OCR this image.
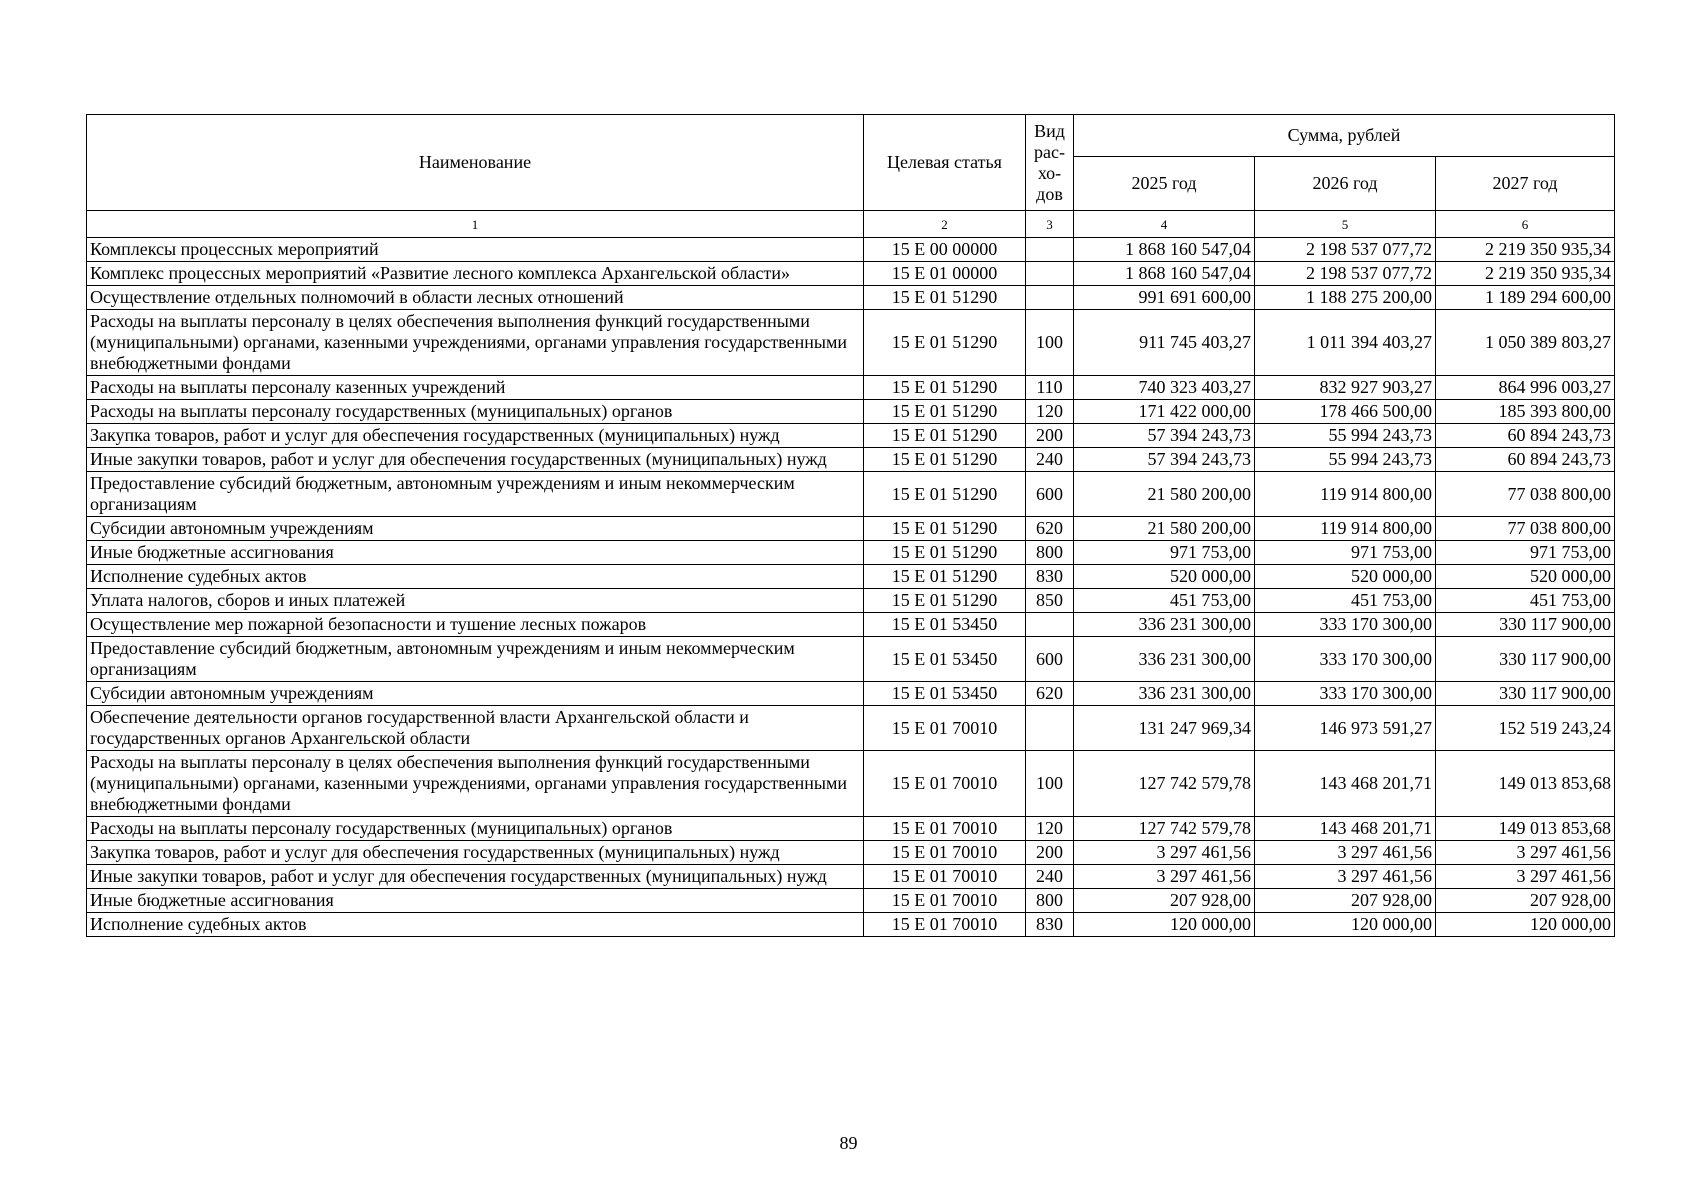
Наименование	Целевая статья	Вид
рас-
хо-
дов	Сумма, рублей		
			2025 год	2026 год	2027 год
1	2	3	4	5	6
Комплексы процессных мероприятий	15 Е 00 00000		1 868 160 547,04	2 198 537 077,72	2 219 350 935,34
Комплекс процессных мероприятий «Развитие лесного комплекса Архангельской области»	15 Е 01 00000		1 868 160 547,04	2 198 537 077,72	2 219 350 935,34
Осуществление отдельных полномочий в области лесных отношений	15 Е 01 51290		991 691 600,00	1 188 275 200,00	1 189 294 600,00
Расходы на выплаты персоналу в целях обеспечения выполнения функций государственными (муниципальными) органами, казенными учреждениями, органами управления государственными внебюджетными фондами	15 Е 01 51290	100	911 745 403,27	1 011 394 403,27	1 050 389 803,27
Расходы на выплаты персоналу казенных учреждений	15 Е 01 51290	110	740 323 403,27	832 927 903,27	864 996 003,27
Расходы на выплаты персоналу государственных (муниципальных) органов	15 Е 01 51290	120	171 422 000,00	178 466 500,00	185 393 800,00
Закупка товаров, работ и услуг для обеспечения государственных (муниципальных) нужд	15 Е 01 51290	200	57 394 243,73	55 994 243,73	60 894 243,73
Иные закупки товаров, работ и услуг для обеспечения государственных (муниципальных) нужд	15 Е 01 51290	240	57 394 243,73	55 994 243,73	60 894 243,73
Предоставление субсидий бюджетным, автономным учреждениям и иным некоммерческим организациям	15 Е 01 51290	600	21 580 200,00	119 914 800,00	77 038 800,00
Субсидии автономным учреждениям	15 Е 01 51290	620	21 580 200,00	119 914 800,00	77 038 800,00
Иные бюджетные ассигнования	15 Е 01 51290	800	971 753,00	971 753,00	971 753,00
Исполнение судебных актов	15 Е 01 51290	830	520 000,00	520 000,00	520 000,00
Уплата налогов, сборов и иных платежей	15 Е 01 51290	850	451 753,00	451 753,00	451 753,00
Осуществление мер пожарной безопасности и тушение лесных пожаров	15 Е 01 53450		336 231 300,00	333 170 300,00	330 117 900,00
Предоставление субсидий бюджетным, автономным учреждениям и иным некоммерческим организациям	15 Е 01 53450	600	336 231 300,00	333 170 300,00	330 117 900,00
Субсидии автономным учреждениям	15 Е 01 53450	620	336 231 300,00	333 170 300,00	330 117 900,00
Обеспечение деятельности органов государственной власти Архангельской области и государственных органов Архангельской области	15 Е 01 70010		131 247 969,34	146 973 591,27	152 519 243,24
Расходы на выплаты персоналу в целях обеспечения выполнения функций государственными (муниципальными) органами, казенными учреждениями, органами управления государственными внебюджетными фондами	15 Е 01 70010	100	127 742 579,78	143 468 201,71	149 013 853,68
Расходы на выплаты персоналу государственных (муниципальных) органов	15 Е 01 70010	120	127 742 579,78	143 468 201,71	149 013 853,68
Закупка товаров, работ и услуг для обеспечения государственных (муниципальных) нужд	15 Е 01 70010	200	3 297 461,56	3 297 461,56	3 297 461,56
Иные закупки товаров, работ и услуг для обеспечения государственных (муниципальных) нужд	15 Е 01 70010	240	3 297 461,56	3 297 461,56	3 297 461,56
Иные бюджетные ассигнования	15 Е 01 70010	800	207 928,00	207 928,00	207 928,00
Исполнение судебных актов	15 Е 01 70010	830	120 000,00	120 000,00	120 000,00
89
